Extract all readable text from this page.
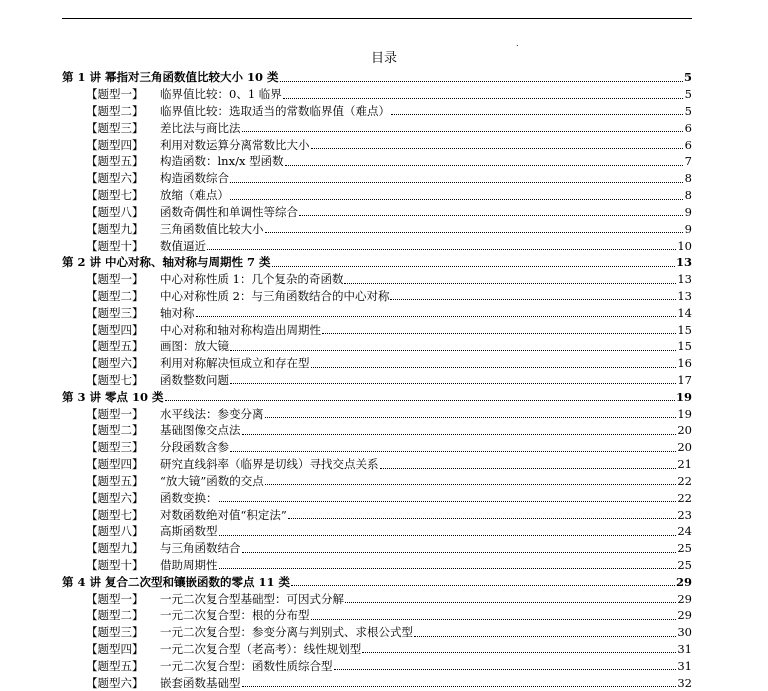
.
目录
第 1 讲 幂指对三角函数值比较大小 10 类	5
【题型一】	临界值比较：0、1 临界	5
【题型二】	临界值比较：选取适当的常数临界值（难点）	5
【题型三】	差比法与商比法	6
【题型四】	利用对数运算分离常数比大小	6
【题型五】	构造函数：lnx/x 型函数	7
【题型六】	构造函数综合	8
【题型七】	放缩（难点）	8
【题型八】	函数奇偶性和单调性等综合	9
【题型九】	三角函数值比较大小	9
【题型十】	数值逼近	10
第 2 讲 中心对称、轴对称与周期性 7 类	13
【题型一】	中心对称性质 1：几个复杂的奇函数	13
【题型二】	中心对称性质 2：与三角函数结合的中心对称	13
【题型三】	轴对称	14
【题型四】	中心对称和轴对称构造出周期性	15
【题型五】	画图：放大镜	15
【题型六】	利用对称解决恒成立和存在型	16
【题型七】	函数整数问题	17
第 3 讲 零点 10 类	19
【题型一】	水平线法：参变分离	19
【题型二】	基础图像交点法	20
【题型三】	分段函数含参	20
【题型四】	研究直线斜率（临界是切线）寻找交点关系	21
【题型五】	“放大镜”函数的交点	22
【题型六】	函数变换：	22
【题型七】	对数函数绝对值“积定法”	23
【题型八】	高斯函数型	24
【题型九】	与三角函数结合	25
【题型十】	借助周期性	25
第 4 讲 复合二次型和镶嵌函数的零点 11 类	29
【题型一】	一元二次复合型基础型：可因式分解	29
【题型二】	一元二次复合型：根的分布型	29
【题型三】	一元二次复合型：参变分离与判别式、求根公式型	30
【题型四】	一元二次复合型（老高考）：线性规划型	31
【题型五】	一元二次复合型：函数性质综合型	31
【题型六】	嵌套函数基础型	32
